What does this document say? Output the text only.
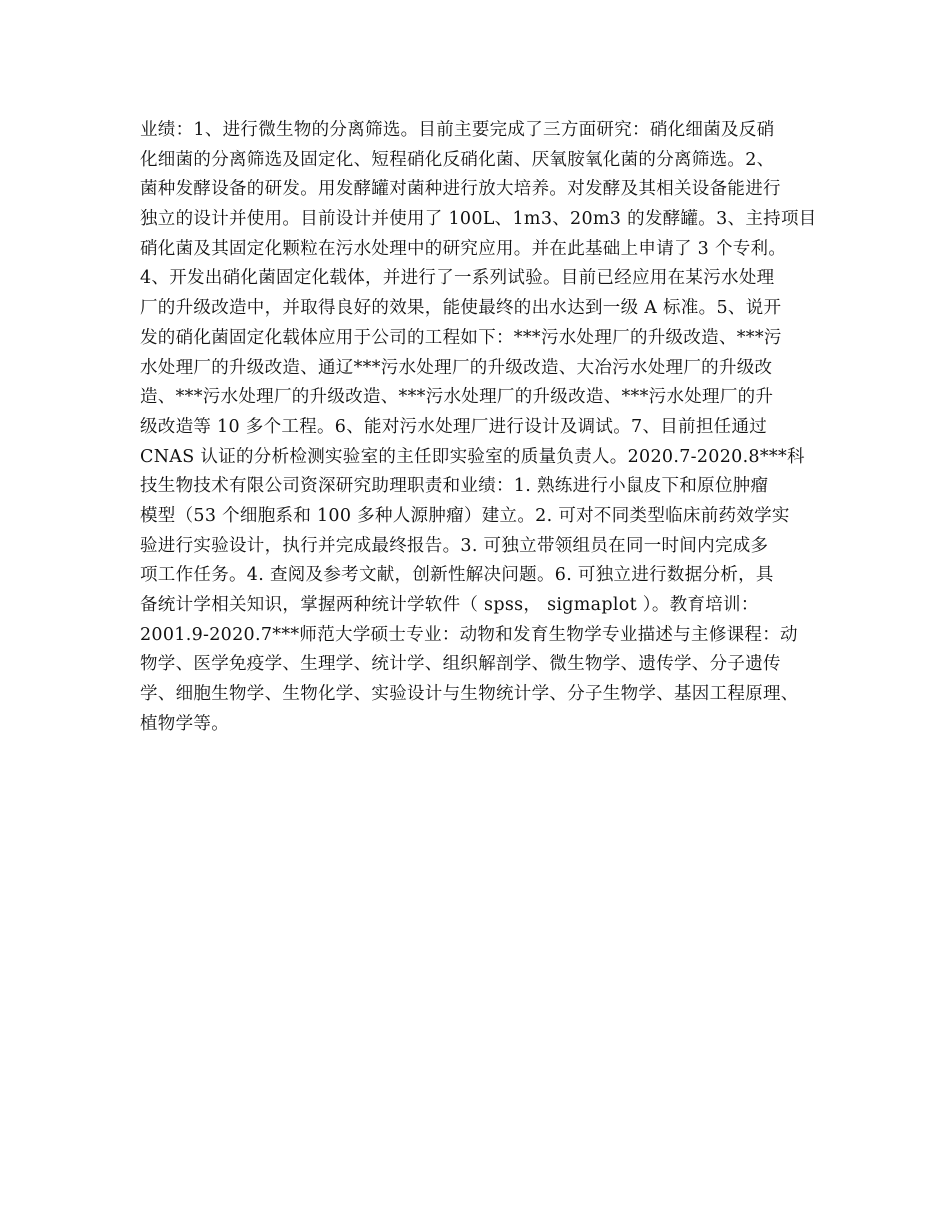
业绩：1、进行微生物的分离筛选。目前主要完成了三方面研究：硝化细菌及反硝
化细菌的分离筛选及固定化、短程硝化反硝化菌、厌氧胺氧化菌的分离筛选。2、
菌种发酵设备的研发。用发酵罐对菌种进行放大培养。对发酵及其相关设备能进行
独立的设计并使用。目前设计并使用了 100L、1m3、20m3 的发酵罐。3、主持项目
硝化菌及其固定化颗粒在污水处理中的研究应用。并在此基础上申请了 3 个专利。
4、开发出硝化菌固定化载体，并进行了一系列试验。目前已经应用在某污水处理
厂的升级改造中，并取得良好的效果，能使最终的出水达到一级 A 标准。5、说开
发的硝化菌固定化载体应用于公司的工程如下：***污水处理厂的升级改造、***污
水处理厂的升级改造、通辽***污水处理厂的升级改造、大冶污水处理厂的升级改
造、***污水处理厂的升级改造、***污水处理厂的升级改造、***污水处理厂的升
级改造等 10 多个工程。6、能对污水处理厂进行设计及调试。7、目前担任通过
CNAS 认证的分析检测实验室的主任即实验室的质量负责人。2020.7-2020.8***科
技生物技术有限公司资深研究助理职责和业绩：1. 熟练进行小鼠皮下和原位肿瘤
模型（53 个细胞系和 100 多种人源肿瘤）建立。2. 可对不同类型临床前药效学实
验进行实验设计，执行并完成最终报告。3. 可独立带领组员在同一时间内完成多
项工作任务。4. 查阅及参考文献，创新性解决问题。6. 可独立进行数据分析，具
备统计学相关知识，掌握两种统计学软件（ spss， sigmaplot ）。教育培训：
2001.9-2020.7***师范大学硕士专业：动物和发育生物学专业描述与主修课程：动
物学、医学免疫学、生理学、统计学、组织解剖学、微生物学、遗传学、分子遗传
学、细胞生物学、生物化学、实验设计与生物统计学、分子生物学、基因工程原理、
植物学等。
